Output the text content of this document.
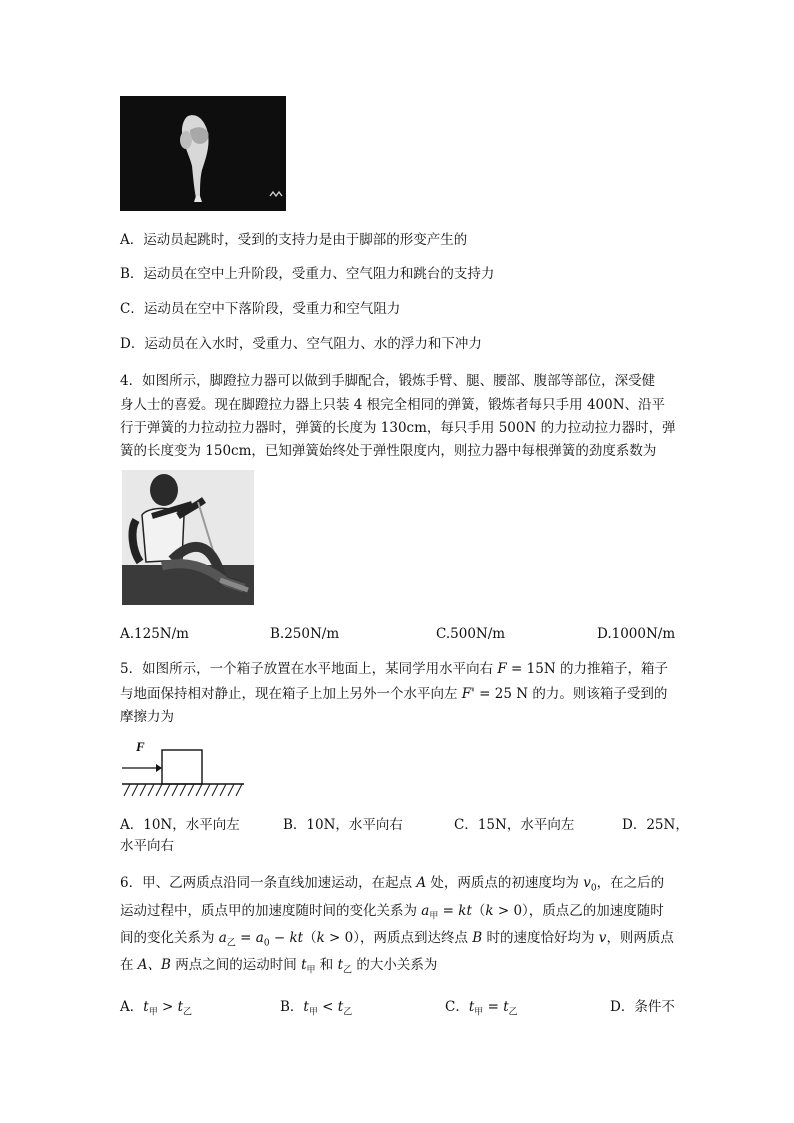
A．运动员起跳时，受到的支持力是由于脚部的形变产生的
B．运动员在空中上升阶段，受重力、空气阻力和跳台的支持力
C．运动员在空中下落阶段，受重力和空气阻力
D．运动员在入水时，受重力、空气阻力、水的浮力和下冲力
4．如图所示，脚蹬拉力器可以做到手脚配合，锻炼手臂、腿、腰部、腹部等部位，深受健
身人士的喜爱。现在脚蹬拉力器上只装 4 根完全相同的弹簧，锻炼者每只手用 400N、沿平
行于弹簧的力拉动拉力器时，弹簧的长度为 130cm，每只手用 500N 的力拉动拉力器时，弹
簧的长度变为 150cm，已知弹簧始终处于弹性限度内，则拉力器中每根弹簧的劲度系数为
A.125N/m	B.250N/m	C.500N/m	D.1000N/m
5．如图所示，一个箱子放置在水平地面上，某同学用水平向右 F = 15N 的力推箱子，箱子
与地面保持相对静止，现在箱子上加上另外一个水平向左 F' = 25 N 的力。则该箱子受到的
摩擦力为
F
A．10N，水平向左	B．10N，水平向右	C．15N，水平向左	D．25N，
水平向右
6．甲、乙两质点沿同一条直线加速运动，在起点 A 处，两质点的初速度均为 $v_0$，在之后的
运动过程中，质点甲的加速度随时间的变化关系为 $a_甲 = kt(k > 0)$，质点乙的加速度随时
间的变化关系为 $a_乙 = a_0 - kt(k > 0)$，两质点到达终点 B 时的速度恰好均为 v，则两质点
在 A、B 两点之间的运动时间 $t_甲$ 和 $t_乙$ 的大小关系为
A．$t_甲 > t_乙$	B．$t_甲 < t_乙$	C．$t_甲 = t_乙$	D．条件不
